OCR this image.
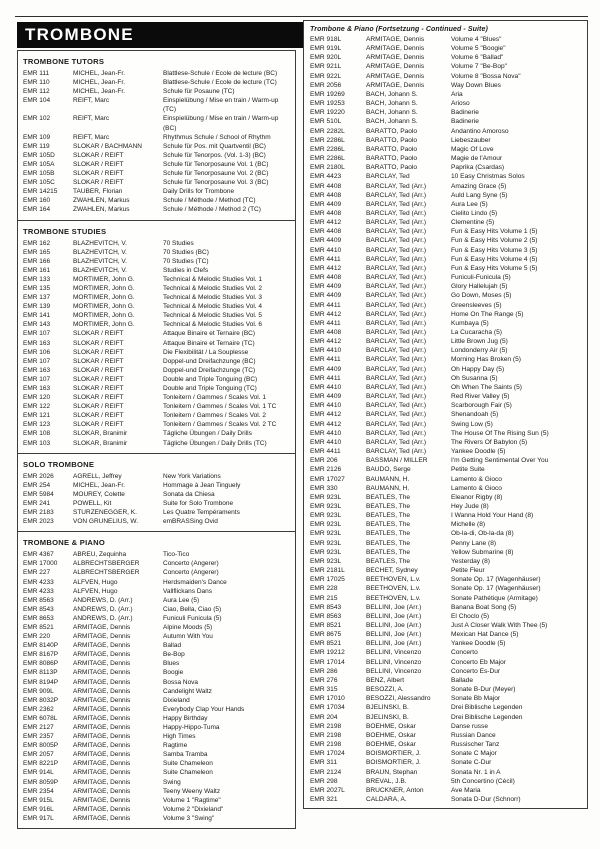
TROMBONE
TROMBONE TUTORS
EMR 111	MICHEL, Jean-Fr.	Blattlese-Schule / Ecole de lecture (BC)
EMR 110	MICHEL, Jean-Fr.	Blattlese-Schule / Ecole de lecture (TC)
EMR 112	MICHEL, Jean-Fr.	Schule für Posaune (TC)
EMR 104	REIFT, Marc	Einspielübung / Mise en train / Warm-up (TC)
EMR 102	REIFT, Marc	Einspielübung / Mise en train / Warm-up (BC)
EMR 109	REIFT, Marc	Rhythmus Schule / School of Rhythm
EMR 119	SLOKAR / BACHMANN	Schule für Pos. mit Quartventil (BC)
EMR 105D	SLOKAR / REIFT	Schule für Tenorpos. (Vol. 1-3) (BC)
EMR 105A	SLOKAR / REIFT	Schule für Tenorposaune Vol. 1 (BC)
EMR 105B	SLOKAR / REIFT	Schule für Tenorposaune Vol. 2 (BC)
EMR 105C	SLOKAR / REIFT	Schule für Tenorposaune Vol. 3 (BC)
EMR 14215	TAUBER, Florian	Daily Drills for Trombone
EMR 160	ZWAHLEN, Markus	Schule / Méthode / Method (TC)
EMR 164	ZWAHLEN, Markus	Schule / Méthode / Method 2 (TC)
TROMBONE STUDIES
EMR 162	BLAZHEVITCH, V.	70 Studies
EMR 165	BLAZHEVITCH, V.	70 Studies (BC)
EMR 166	BLAZHEVITCH, V.	70 Studies (TC)
EMR 161	BLAZHEVITCH, V.	Studies in Clefs
EMR 133	MORTIMER, John G.	Technical & Melodic Studies Vol. 1
EMR 135	MORTIMER, John G.	Technical & Melodic Studies Vol. 2
EMR 137	MORTIMER, John G.	Technical & Melodic Studies Vol. 3
EMR 139	MORTIMER, John G.	Technical & Melodic Studies Vol. 4
EMR 141	MORTIMER, John G.	Technical & Melodic Studies Vol. 5
EMR 143	MORTIMER, John G.	Technical & Melodic Studies Vol. 6
EMR 107	SLOKAR / REIFT	Attaque Binaire et Ternaire (BC)
EMR 163	SLOKAR / REIFT	Attaque Binaire et Ternaire (TC)
EMR 106	SLOKAR / REIFT	Die Flexibilität / La Souplesse
EMR 107	SLOKAR / REIFT	Doppel-und Dreifachzunge (BC)
EMR 163	SLOKAR / REIFT	Doppel-und Dreifachzunge (TC)
EMR 107	SLOKAR / REIFT	Double and Triple Tonguing (BC)
EMR 163	SLOKAR / REIFT	Double and Triple Tonguing (TC)
EMR 120	SLOKAR / REIFT	Tonleitern / Gammes / Scales Vol. 1
EMR 122	SLOKAR / REIFT	Tonleitern / Gammes / Scales Vol. 1 TC
EMR 121	SLOKAR / REIFT	Tonleitern / Gammes / Scales Vol. 2
EMR 123	SLOKAR / REIFT	Tonleitern / Gammes / Scales Vol. 2 TC
EMR 108	SLOKAR, Branimir	Tägliche Übungen / Daily Drills
EMR 103	SLOKAR, Branimir	Tägliche Übungen / Daily Drills (TC)
SOLO TROMBONE
EMR 2026	AGRELL, Jeffrey	New York Variations
EMR 254	MICHEL, Jean-Fr.	Hommage à Jean Tinguely
EMR 5984	MOUREY, Colette	Sonata da Chiesa
EMR 241	POWELL, Kit	Suite for Solo Trombone
EMR 2183	STURZENEGGER, K.	Les Quatre Tempéraments
EMR 2023	VON GRUNELIUS, W.	emBRASSing Ovid
TROMBONE & PIANO
EMR 4367	ABREU, Zequinha	Tico-Tico
EMR 17000	ALBRECHTSBERGER	Concerto (Angerer)
EMR 227	ALBRECHTSBERGER	Concerto (Angerer)
EMR 4233	ALFVEN, Hugo	Herdsmaiden's Dance
EMR 4233	ALFVEN, Hugo	Vallflickans Dans
EMR 8563	ANDREWS, D. (Arr.)	Aura Lee (5)
EMR 8543	ANDREWS, D. (Arr.)	Ciao, Bella, Ciao (5)
EMR 8653	ANDREWS, D. (Arr.)	Funiculi Funicula (5)
EMR 8521	ARMITAGE, Dennis	Alpine Moods (5)
EMR 220	ARMITAGE, Dennis	Autumn With You
EMR 8140P	ARMITAGE, Dennis	Ballad
EMR 8167P	ARMITAGE, Dennis	Be-Bop
EMR 8086P	ARMITAGE, Dennis	Blues
EMR 8113P	ARMITAGE, Dennis	Boogie
EMR 8194P	ARMITAGE, Dennis	Bossa Nova
EMR 909L	ARMITAGE, Dennis	Candelight Waltz
EMR 8032P	ARMITAGE, Dennis	Dixieland
EMR 2362	ARMITAGE, Dennis	Everybody Clap Your Hands
EMR 6078L	ARMITAGE, Dennis	Happy Birthday
EMR 2127	ARMITAGE, Dennis	Happy-Hippo-Tuma
EMR 2357	ARMITAGE, Dennis	High Times
EMR 8005P	ARMITAGE, Dennis	Ragtime
EMR 2057	ARMITAGE, Dennis	Samba Tramba
EMR 8221P	ARMITAGE, Dennis	Suite Chameleon
EMR 914L	ARMITAGE, Dennis	Suite Chameleon
EMR 8059P	ARMITAGE, Dennis	Swing
EMR 2354	ARMITAGE, Dennis	Teeny Weeny Waltz
EMR 915L	ARMITAGE, Dennis	Volume 1 "Ragtime"
EMR 916L	ARMITAGE, Dennis	Volume 2 "Dixieland"
EMR 917L	ARMITAGE, Dennis	Volume 3 "Swing"
Trombone & Piano (Fortsetzung - Continued - Suite)
EMR 918L	ARMITAGE, Dennis	Volume 4 "Blues"
EMR 919L	ARMITAGE, Dennis	Volume 5 "Boogie"
EMR 920L	ARMITAGE, Dennis	Volume 6 "Ballad"
EMR 921L	ARMITAGE, Dennis	Volume 7 "Be-Bop"
EMR 922L	ARMITAGE, Dennis	Volume 8 "Bossa Nova"
EMR 2056	ARMITAGE, Dennis	Way Down Blues
EMR 19269	BACH, Johann S.	Aria
EMR 19253	BACH, Johann S.	Arioso
EMR 19220	BACH, Johann S.	Badinerie
EMR 510L	BACH, Johann S.	Badinerie
EMR 2282L	BARATTO, Paolo	Andantino Amoroso
EMR 2286L	BARATTO, Paolo	Liebeszauber
EMR 2286L	BARATTO, Paolo	Magic Of Love
EMR 2286L	BARATTO, Paolo	Magie de l'Amour
EMR 2180L	BARATTO, Paolo	Paprika (Csardas)
EMR 4423	BARCLAY, Ted	10 Easy Christmas Solos
EMR 4408	BARCLAY, Ted (Arr.)	Amazing Grace (5)
EMR 4408	BARCLAY, Ted (Arr.)	Auld Lang Syne (5)
EMR 4409	BARCLAY, Ted (Arr.)	Aura Lee (5)
EMR 4408	BARCLAY, Ted (Arr.)	Cielito Lindo (5)
EMR 4412	BARCLAY, Ted (Arr.)	Clementine (5)
EMR 4408	BARCLAY, Ted (Arr.)	Fun & Easy Hits Volume 1 (5)
EMR 4409	BARCLAY, Ted (Arr.)	Fun & Easy Hits Volume 2 (5)
EMR 4410	BARCLAY, Ted (Arr.)	Fun & Easy Hits Volume 3 (5)
EMR 4411	BARCLAY, Ted (Arr.)	Fun & Easy Hits Volume 4 (5)
EMR 4412	BARCLAY, Ted (Arr.)	Fun & Easy Hits Volume 5 (5)
EMR 4408	BARCLAY, Ted (Arr.)	Funiculi-Funicula (5)
EMR 4409	BARCLAY, Ted (Arr.)	Glory Hallelujah (5)
EMR 4409	BARCLAY, Ted (Arr.)	Go Down, Moses (5)
EMR 4411	BARCLAY, Ted (Arr.)	Greensleeves (5)
EMR 4412	BARCLAY, Ted (Arr.)	Home On The Range (5)
EMR 4411	BARCLAY, Ted (Arr.)	Kumbaya (5)
EMR 4408	BARCLAY, Ted (Arr.)	La Cucaracha (5)
EMR 4412	BARCLAY, Ted (Arr.)	Little Brown Jug (5)
EMR 4410	BARCLAY, Ted (Arr.)	Londonderry Air (5)
EMR 4411	BARCLAY, Ted (Arr.)	Morning Has Broken (5)
EMR 4409	BARCLAY, Ted (Arr.)	Oh Happy Day (5)
EMR 4411	BARCLAY, Ted (Arr.)	Oh Susanna (5)
EMR 4410	BARCLAY, Ted (Arr.)	Oh When The Saints (5)
EMR 4409	BARCLAY, Ted (Arr.)	Red River Valley (5)
EMR 4410	BARCLAY, Ted (Arr.)	Scarborough Fair (5)
EMR 4412	BARCLAY, Ted (Arr.)	Shenandoah (5)
EMR 4412	BARCLAY, Ted (Arr.)	Swing Low (5)
EMR 4410	BARCLAY, Ted (Arr.)	The House Of The Rising Sun (5)
EMR 4410	BARCLAY, Ted (Arr.)	The Rivers Of Babylon (5)
EMR 4411	BARCLAY, Ted (Arr.)	Yankee Doodle (5)
EMR 206	BASSMAN / MILLER	I'm Getting Sentimental Over You
EMR 2126	BAUDO, Serge	Petite Suite
EMR 17027	BAUMANN, H.	Lamento & Gioco
EMR 330	BAUMANN, H.	Lamento & Gioco
EMR 923L	BEATLES, The	Eleanor Rigby (8)
EMR 923L	BEATLES, The	Hey Jude (8)
EMR 923L	BEATLES, The	I Wanna Hold Your Hand (8)
EMR 923L	BEATLES, The	Michelle (8)
EMR 923L	BEATLES, The	Ob-la-di, Ob-la-da (8)
EMR 923L	BEATLES, The	Penny Lane (8)
EMR 923L	BEATLES, The	Yellow Submarine (8)
EMR 923L	BEATLES, The	Yesterday (8)
EMR 2181L	BECHET, Sydney	Petite Fleur
EMR 17025	BEETHOVEN, L.v.	Sonate Op. 17 (Wagenhäuser)
EMR 228	BEETHOVEN, L.v.	Sonate Op. 17 (Wagenhäuser)
EMR 215	BEETHOVEN, L.v.	Sonate Pathétique (Armitage)
EMR 8543	BELLINI, Joe (Arr.)	Banana Boat Song (5)
EMR 8563	BELLINI, Joe (Arr.)	El Choclo (5)
EMR 8521	BELLINI, Joe (Arr.)	Just A Closer Walk With Thee (5)
EMR 8675	BELLINI, Joe (Arr.)	Mexican Hat Dance (5)
EMR 8521	BELLINI, Joe (Arr.)	Yankee Doodle (5)
EMR 19212	BELLINI, Vincenzo	Concerto
EMR 17014	BELLINI, Vincenzo	Concerto Eb Major
EMR 286	BELLINI, Vincenzo	Concerto Es-Dur
EMR 276	BENZ, Albert	Ballade
EMR 315	BESOZZI, A.	Sonate B-Dur (Meyer)
EMR 17010	BESOZZI, Alessandro	Sonate Bb Major
EMR 17034	BJELINSKI, B.	Drei Biblische Legenden
EMR 204	BJELINSKI, B.	Drei Biblische Legenden
EMR 2198	BOEHME, Oskar	Danse russe
EMR 2198	BOEHME, Oskar	Russian Dance
EMR 2198	BOEHME, Oskar	Russischer Tanz
EMR 17024	BOISMORTIER, J.	Sonate C Major
EMR 311	BOISMORTIER, J.	Sonate C-Dur
EMR 2124	BRAUN, Stephan	Sonata Nr. 1 in A
EMR 298	BREVAL, J.B.	5th Concertino (Cécil)
EMR 2027L	BRUCKNER, Anton	Ave Maria
EMR 321	CALDARA, A.	Sonata D-Dur (Schnorr)
